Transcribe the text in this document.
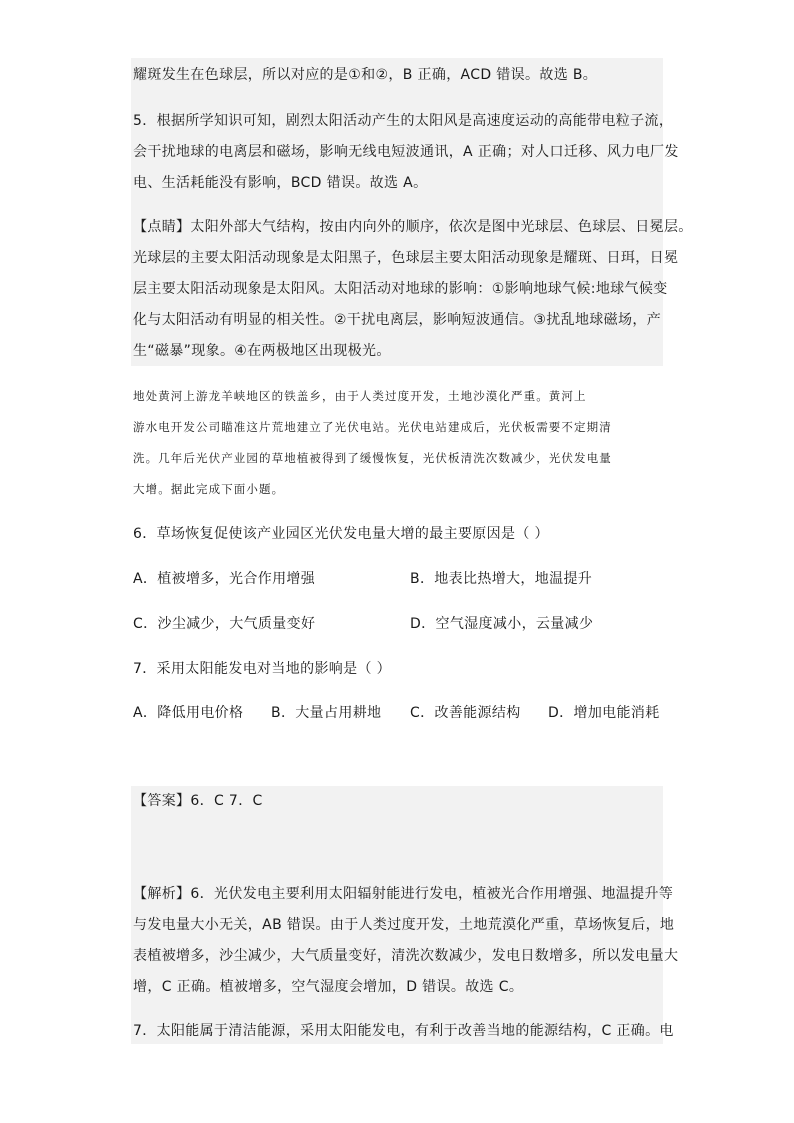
耀斑发生在色球层，所以对应的是①和②，B 正确，ACD 错误。故选 B。
5．根据所学知识可知，剧烈太阳活动产生的太阳风是高速度运动的高能带电粒子流，
会干扰地球的电离层和磁场，影响无线电短波通讯，A 正确；对人口迁移、风力电厂发
电、生活耗能没有影响，BCD 错误。故选 A。
【点睛】太阳外部大气结构，按由内向外的顺序，依次是图中光球层、色球层、日冕层。
光球层的主要太阳活动现象是太阳黑子，色球层主要太阳活动现象是耀斑、日珥，日冕
层主要太阳活动现象是太阳风。太阳活动对地球的影响：①影响地球气候:地球气候变
化与太阳活动有明显的相关性。②干扰电离层，影响短波通信。③扰乱地球磁场，产
生“磁暴”现象。④在两极地区出现极光。
地处黄河上游龙羊峡地区的铁盖乡，由于人类过度开发，土地沙漠化严重。黄河上
游水电开发公司瞄准这片荒地建立了光伏电站。光伏电站建成后，光伏板需要不定期清
洗。几年后光伏产业园的草地植被得到了缓慢恢复，光伏板清洗次数减少，光伏发电量
大增。据此完成下面小题。
6．草场恢复促使该产业园区光伏发电量大增的最主要原因是（ ）
A．植被增多，光合作用增强	B．地表比热增大，地温提升
C．沙尘减少，大气质量变好	D．空气湿度减小，云量减少
7．采用太阳能发电对当地的影响是（ ）
A．降低用电价格 B．大量占用耕地 C．改善能源结构 D．增加电能消耗
【答案】6．C 7．C
【解析】6．光伏发电主要利用太阳辐射能进行发电，植被光合作用增强、地温提升等
与发电量大小无关，AB 错误。由于人类过度开发，土地荒漠化严重，草场恢复后，地
表植被增多，沙尘减少，大气质量变好，清洗次数减少，发电日数增多，所以发电量大
增，C 正确。植被增多，空气湿度会增加，D 错误。故选 C。
7．太阳能属于清洁能源，采用太阳能发电，有利于改善当地的能源结构，C 正确。电
